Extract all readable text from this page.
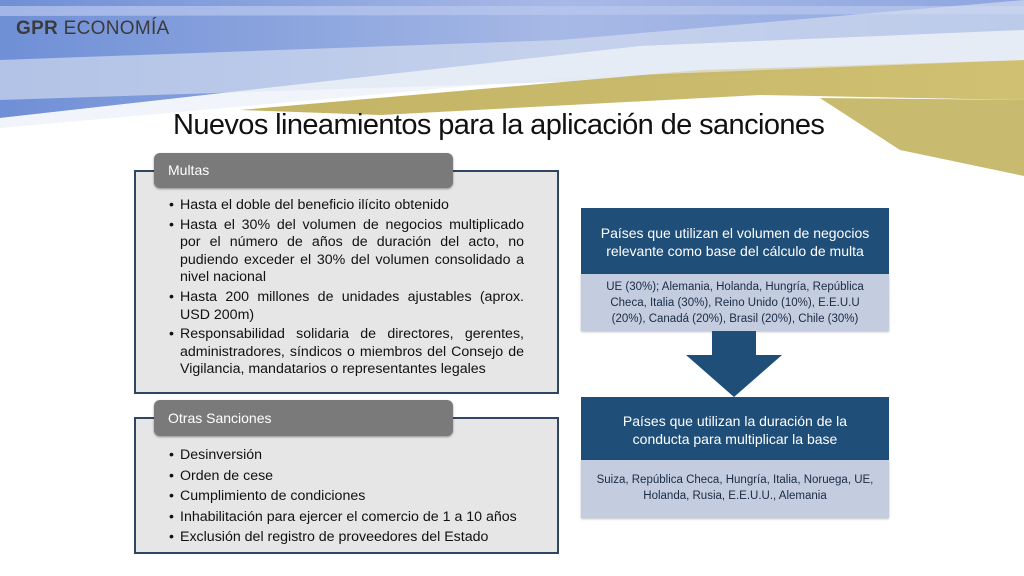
GPR ECONOMÍA
Nuevos lineamientos para la aplicación de sanciones
• Hasta el doble del beneficio ilícito obtenido
• Hasta el 30% del volumen de negocios multiplicado por el número de años de duración del acto, no pudiendo exceder el 30% del volumen consolidado a nivel nacional
• Hasta 200 millones de unidades ajustables (aprox. USD 200m)
• Responsabilidad solidaria de directores, gerentes, administradores, síndicos o miembros del Consejo de Vigilancia, mandatarios o representantes legales
Multas
• Desinversión
• Orden de cese
• Cumplimiento de condiciones
• Inhabilitación para ejercer el comercio de 1 a 10 años
• Exclusión del registro de proveedores del Estado
Otras Sanciones
Países que utilizan el volumen de negocios relevante como base del cálculo de multa
UE (30%); Alemania, Holanda, Hungría, República Checa, Italia (30%), Reino Unido (10%), E.E.U.U (20%), Canadá (20%), Brasil (20%), Chile (30%)
Países que utilizan la duración de la conducta para multiplicar la base
Suiza, República Checa, Hungría, Italia, Noruega, UE, Holanda, Rusia, E.E.U.U., Alemania
